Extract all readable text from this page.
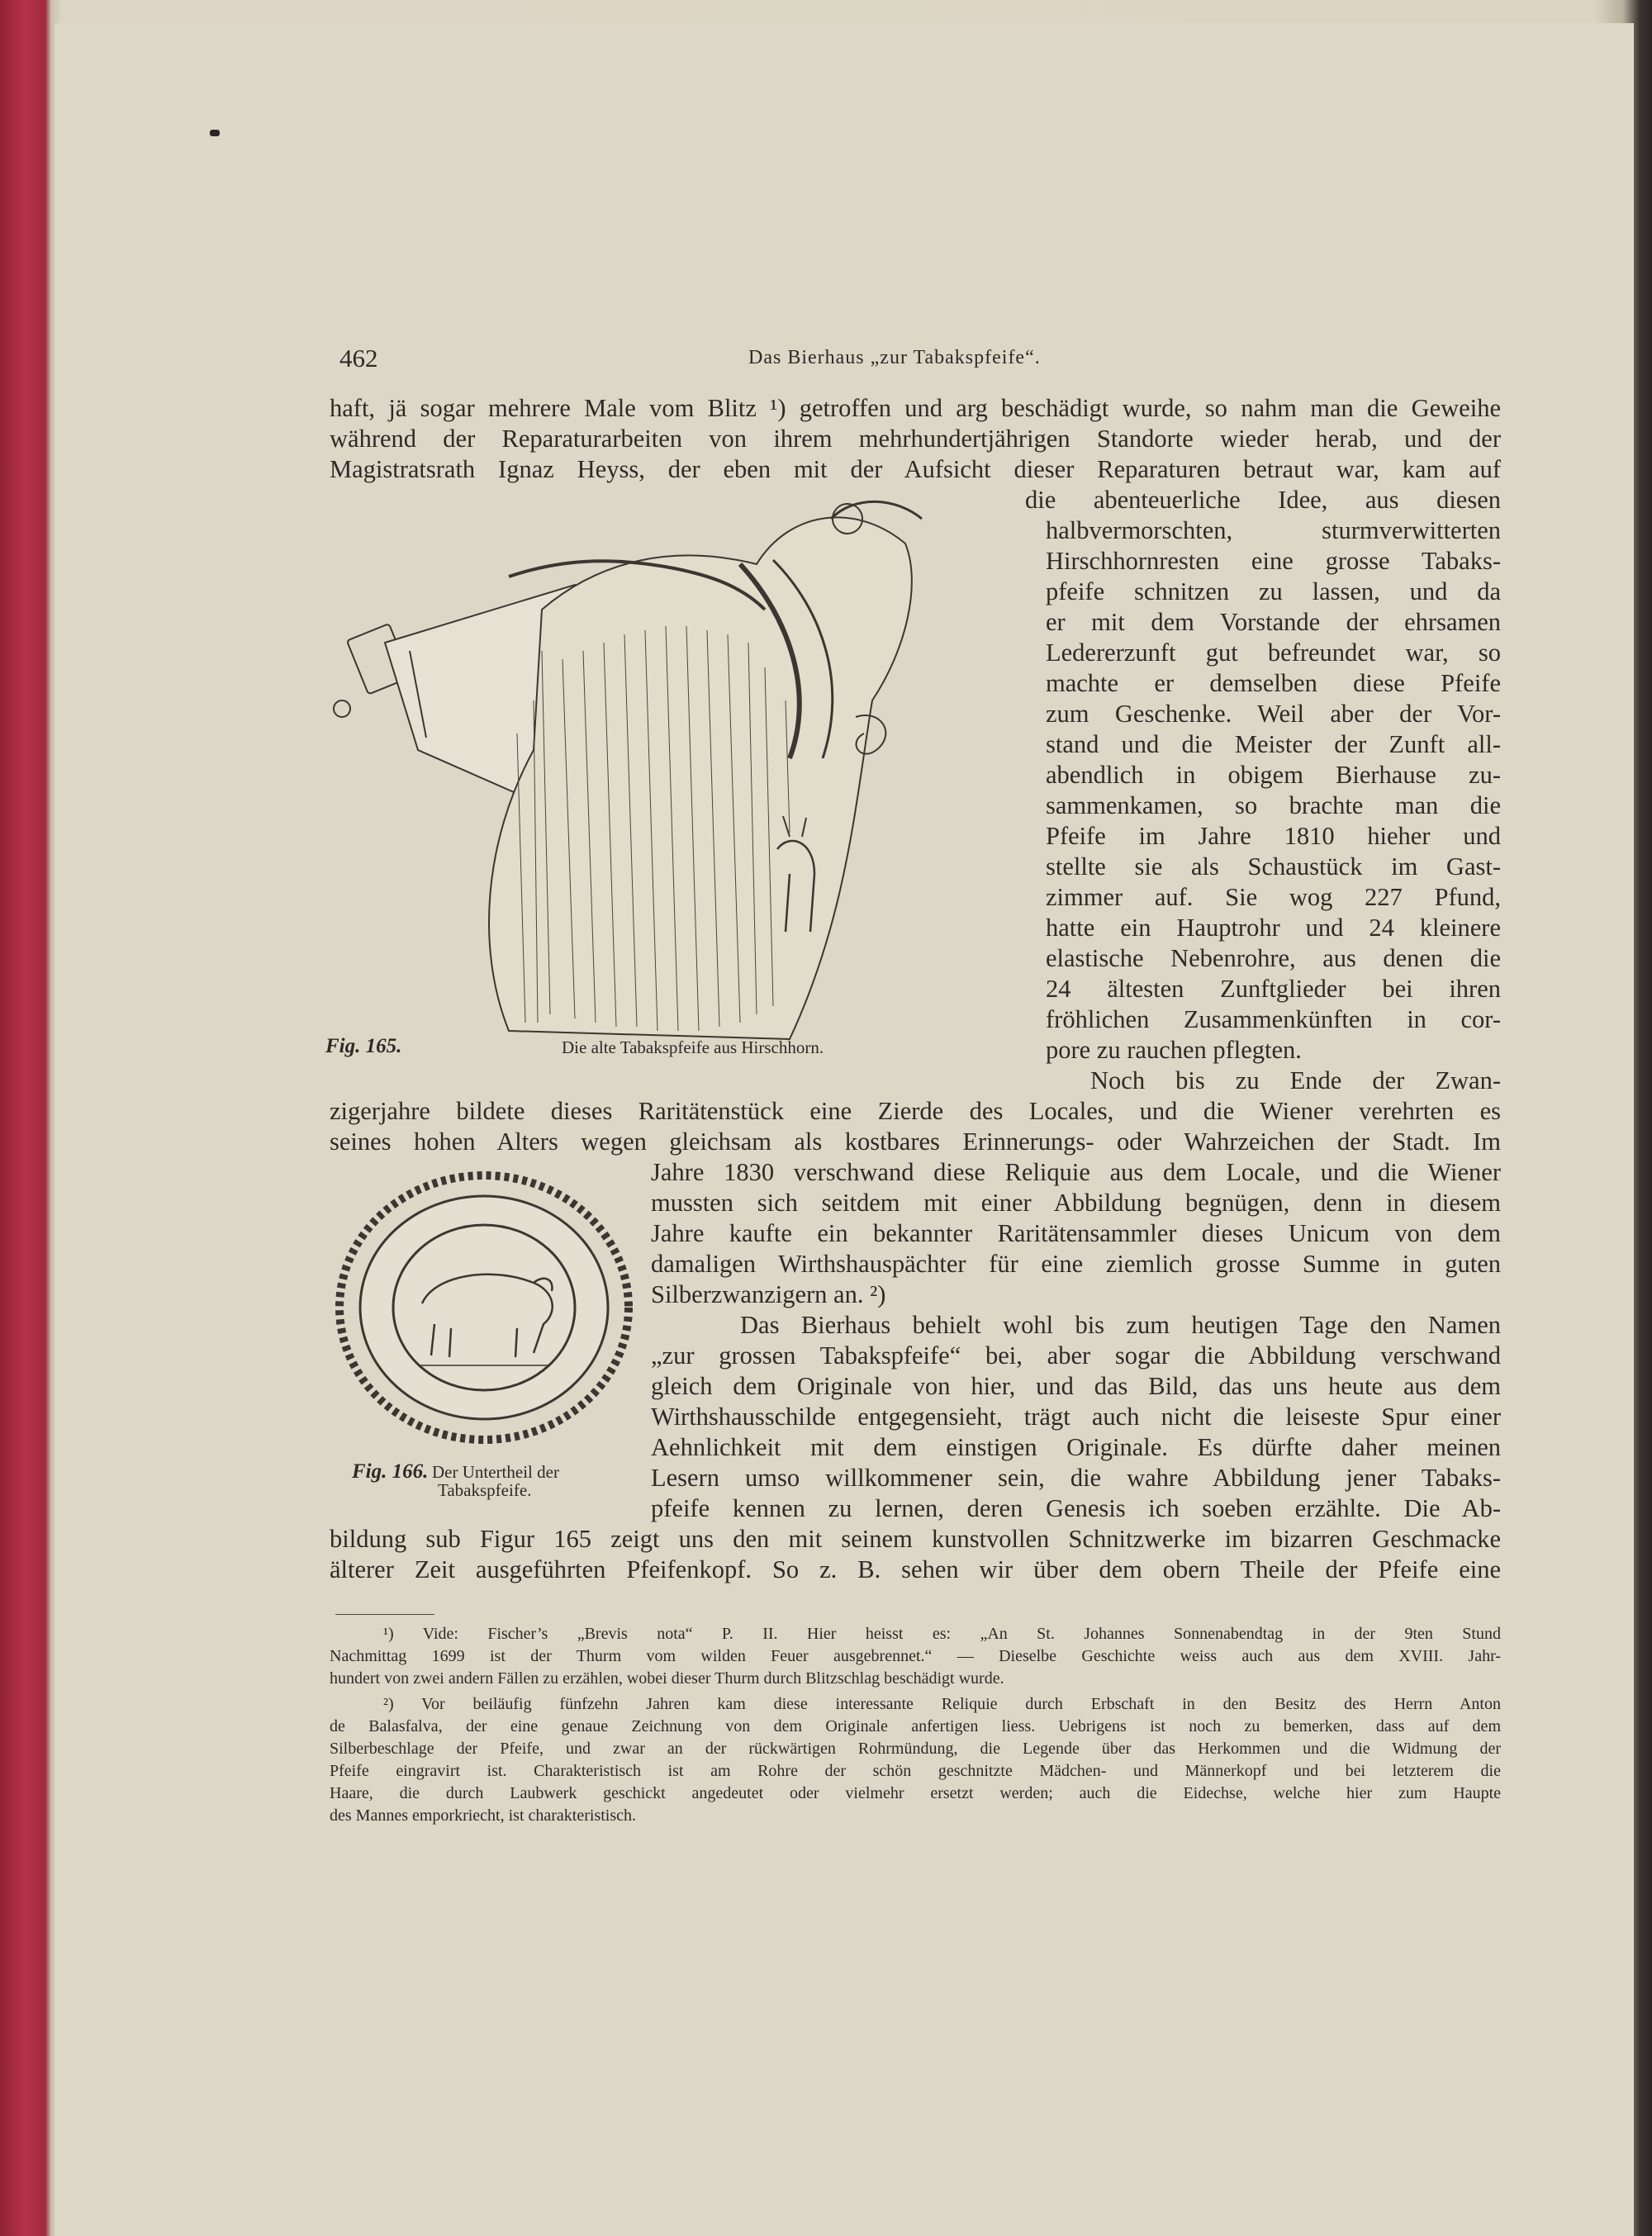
462	Das Bierhaus „zur Tabakspfeife“.
haft, jä sogar mehrere Male vom Blitz ¹) getroffen und arg beschädigt wurde, so nahm man die Geweihe
während der Reparaturarbeiten von ihrem mehrhundertjährigen Standorte wieder herab, und der
Magistratsrath Ignaz Heyss, der eben mit der Aufsicht dieser Reparaturen betraut war, kam auf
die abenteuerliche Idee, aus diesen
halbvermorschten, sturmverwitterten
Hirschhornresten eine grosse Tabaks-
pfeife schnitzen zu lassen, und da
er mit dem Vorstande der ehrsamen
Ledererzunft gut befreundet war, so
machte er demselben diese Pfeife
zum Geschenke. Weil aber der Vor-
stand und die Meister der Zunft all-
abendlich in obigem Bierhause zu-
sammenkamen, so brachte man die
Pfeife im Jahre 1810 hieher und
stellte sie als Schaustück im Gast-
zimmer auf. Sie wog 227 Pfund,
hatte ein Hauptrohr und 24 kleinere
elastische Nebenrohre, aus denen die
24 ältesten Zunftglieder bei ihren
fröhlichen Zusammenkünften in cor-
pore zu rauchen pflegten.
Noch bis zu Ende der Zwan-
zigerjahre bildete dieses Raritätenstück eine Zierde des Locales, und die Wiener verehrten es
seines hohen Alters wegen gleichsam als kostbares Erinnerungs- oder Wahrzeichen der Stadt. Im
Jahre 1830 verschwand diese Reliquie aus dem Locale, und die Wiener
mussten sich seitdem mit einer Abbildung begnügen, denn in diesem
Jahre kaufte ein bekannter Raritätensammler dieses Unicum von dem
damaligen Wirthshauspächter für eine ziemlich grosse Summe in guten
Silberzwanzigern an. ²)
Das Bierhaus behielt wohl bis zum heutigen Tage den Namen
„zur grossen Tabakspfeife“ bei, aber sogar die Abbildung verschwand
gleich dem Originale von hier, und das Bild, das uns heute aus dem
Wirthshausschilde entgegensieht, trägt auch nicht die leiseste Spur einer
Aehnlichkeit mit dem einstigen Originale. Es dürfte daher meinen
Lesern umso willkommener sein, die wahre Abbildung jener Tabaks-
pfeife kennen zu lernen, deren Genesis ich soeben erzählte. Die Ab-
bildung sub Figur 165 zeigt uns den mit seinem kunstvollen Schnitzwerke im bizarren Geschmacke
älterer Zeit ausgeführten Pfeifenkopf. So z. B. sehen wir über dem obern Theile der Pfeife eine
Fig. 165.	Die alte Tabakspfeife aus Hirschhorn.
Fig. 166. Der Untertheil der
Tabakspfeife.
¹) Vide: Fischer’s „Brevis nota“ P. II. Hier heisst es: „An St. Johannes Sonnenabendtag in der 9ten Stund
Nachmittag 1699 ist der Thurm vom wilden Feuer ausgebrennet.“ — Dieselbe Geschichte weiss auch aus dem XVIII. Jahr-
hundert von zwei andern Fällen zu erzählen, wobei dieser Thurm durch Blitzschlag beschädigt wurde.
²) Vor beiläufig fünfzehn Jahren kam diese interessante Reliquie durch Erbschaft in den Besitz des Herrn Anton
de Balasfalva, der eine genaue Zeichnung von dem Originale anfertigen liess. Uebrigens ist noch zu bemerken, dass auf dem
Silberbeschlage der Pfeife, und zwar an der rückwärtigen Rohrmündung, die Legende über das Herkommen und die Widmung der
Pfeife eingravirt ist. Charakteristisch ist am Rohre der schön geschnitzte Mädchen- und Männerkopf und bei letzterem die
Haare, die durch Laubwerk geschickt angedeutet oder vielmehr ersetzt werden; auch die Eidechse, welche hier zum Haupte
des Mannes emporkriecht, ist charakteristisch.
